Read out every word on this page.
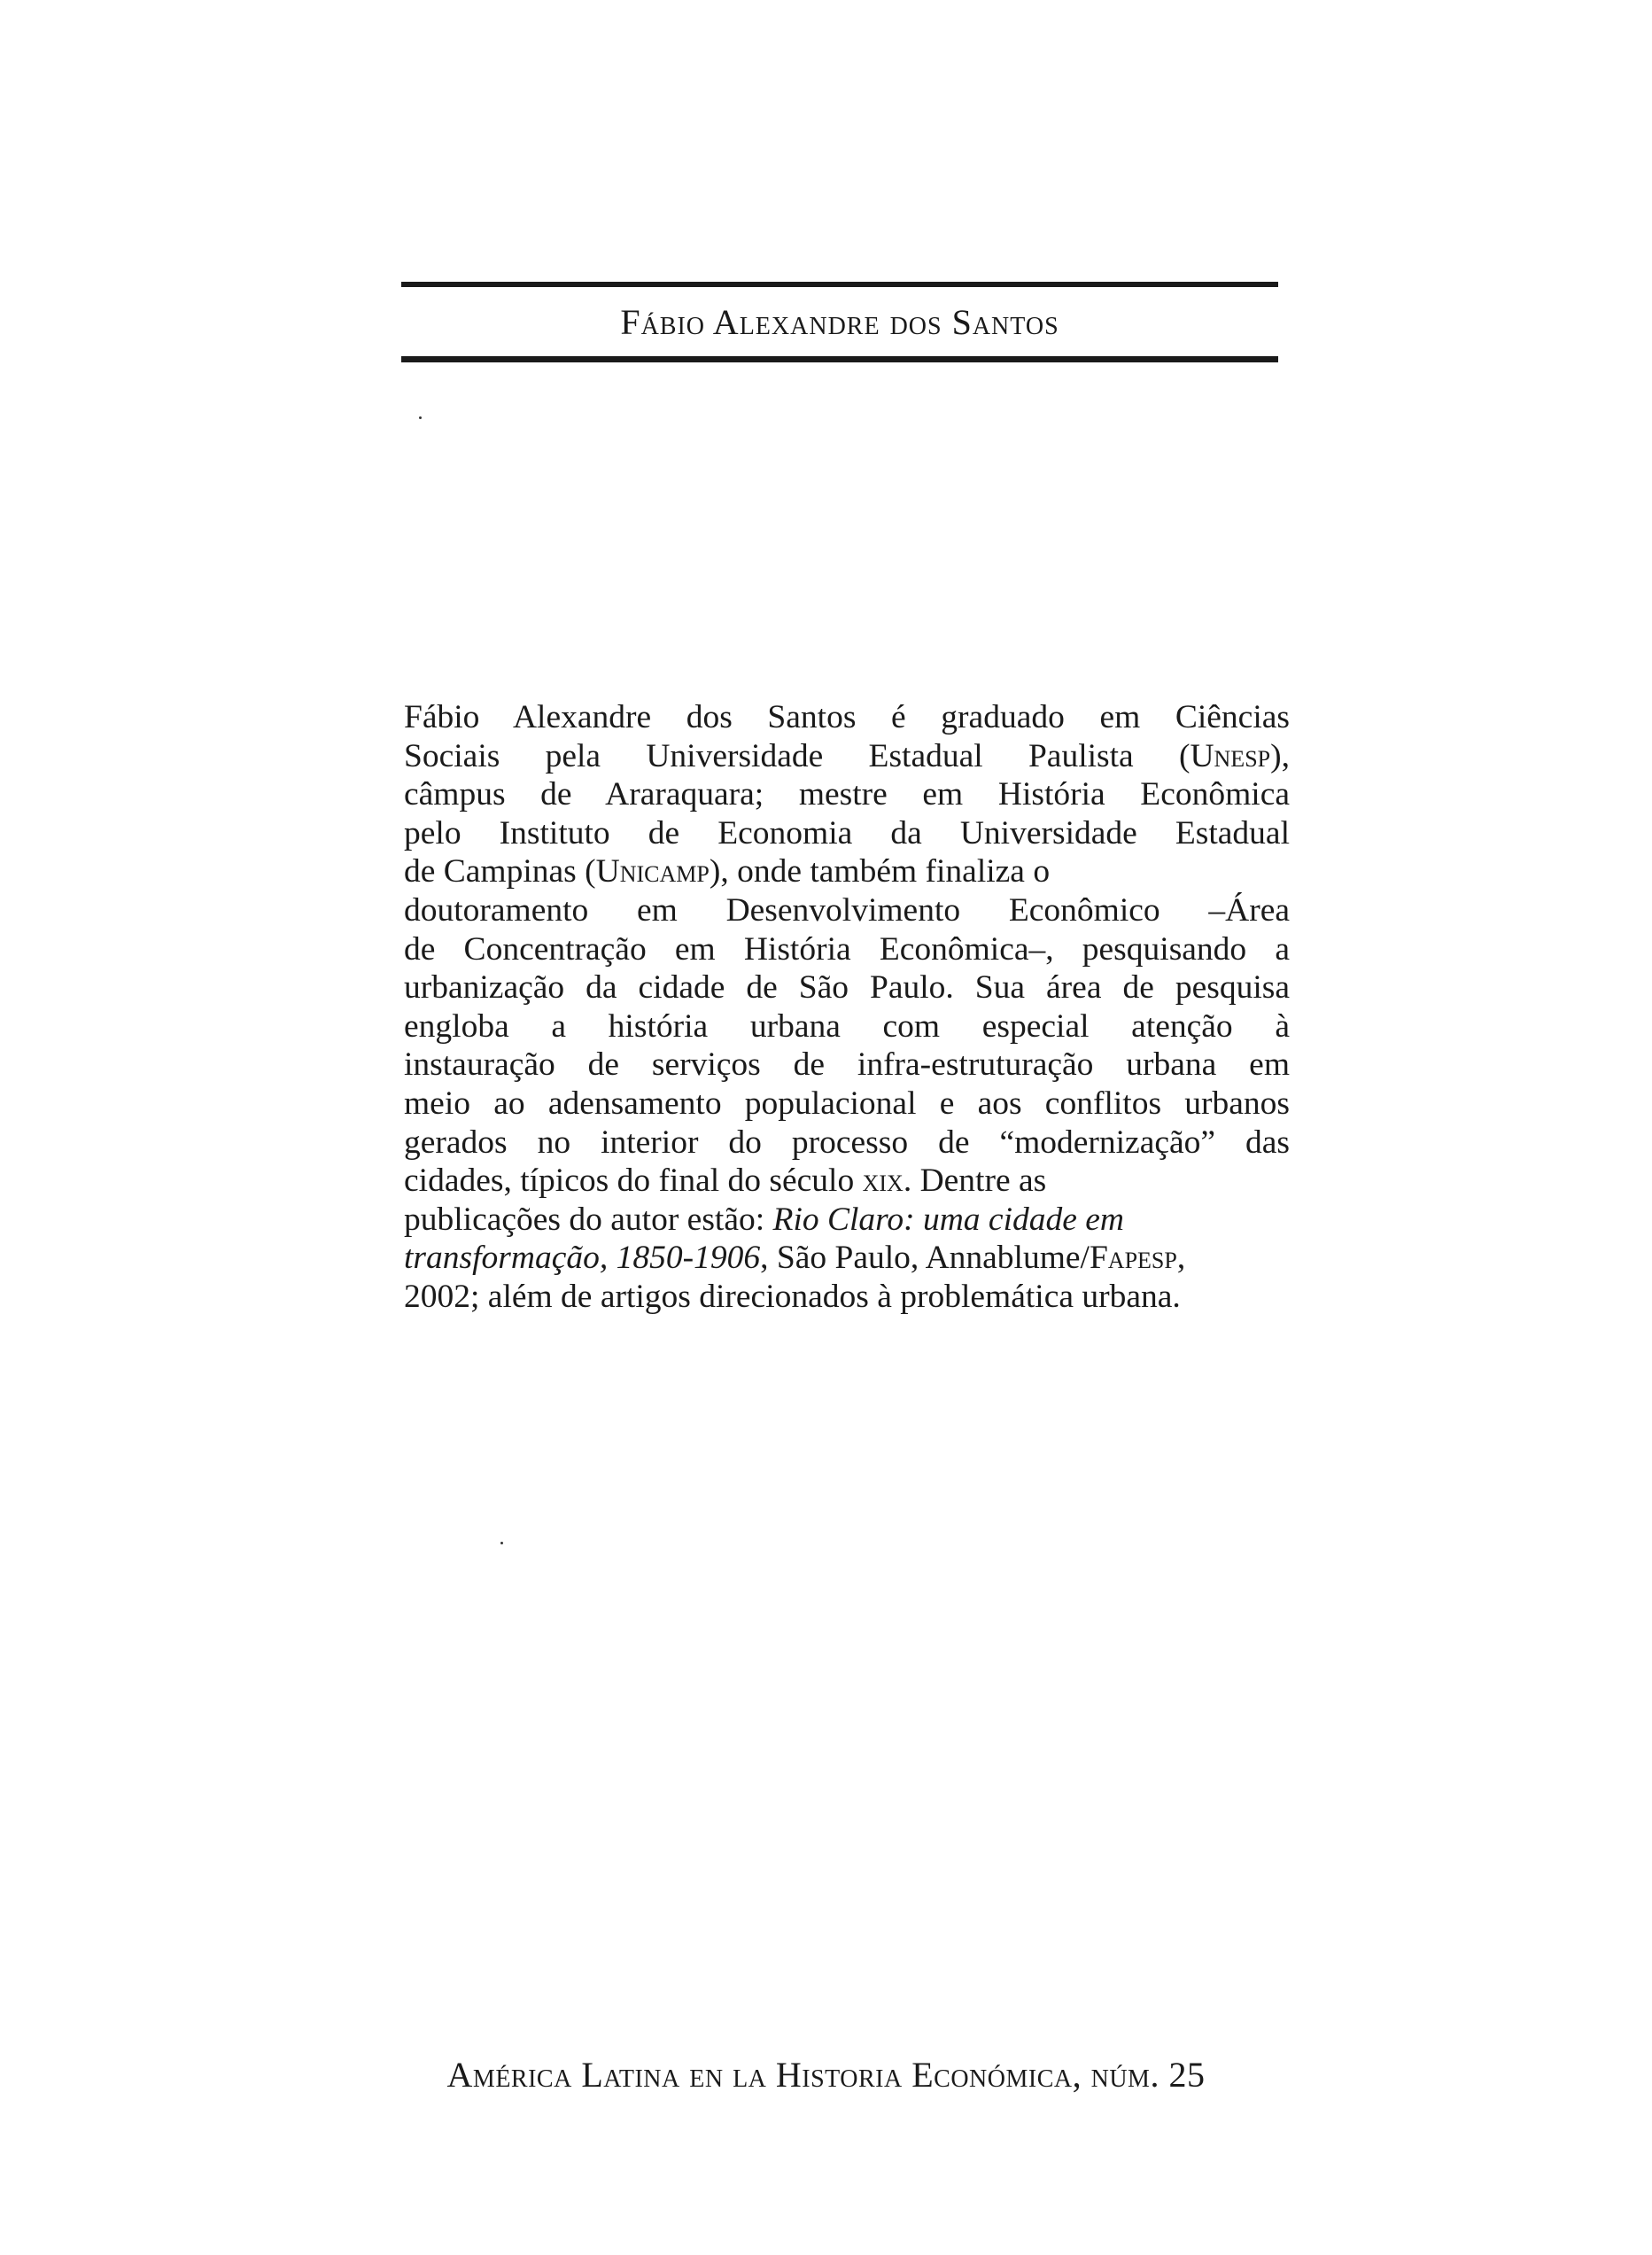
Fábio Alexandre dos Santos
Fábio Alexandre dos Santos é graduado em Ciências
Sociais pela Universidade Estadual Paulista (Unesp),
câmpus de Araraquara; mestre em História Econômica
pelo Instituto de Economia da Universidade Estadual
de Campinas (Unicamp), onde também finaliza o
doutoramento em Desenvolvimento Econômico –Área
de Concentração em História Econômica–, pesquisando a
urbanização da cidade de São Paulo. Sua área de pesquisa
engloba a história urbana com especial atenção à
instauração de serviços de infra-estruturação urbana em
meio ao adensamento populacional e aos conflitos urbanos
gerados no interior do processo de “modernização” das
cidades, típicos do final do século xix. Dentre as
publicações do autor estão: Rio Claro: uma cidade em
transformação, 1850-1906, São Paulo, Annablume/Fapesp,
2002; além de artigos direcionados à problemática urbana.
América Latina en la Historia Económica, núm. 25
